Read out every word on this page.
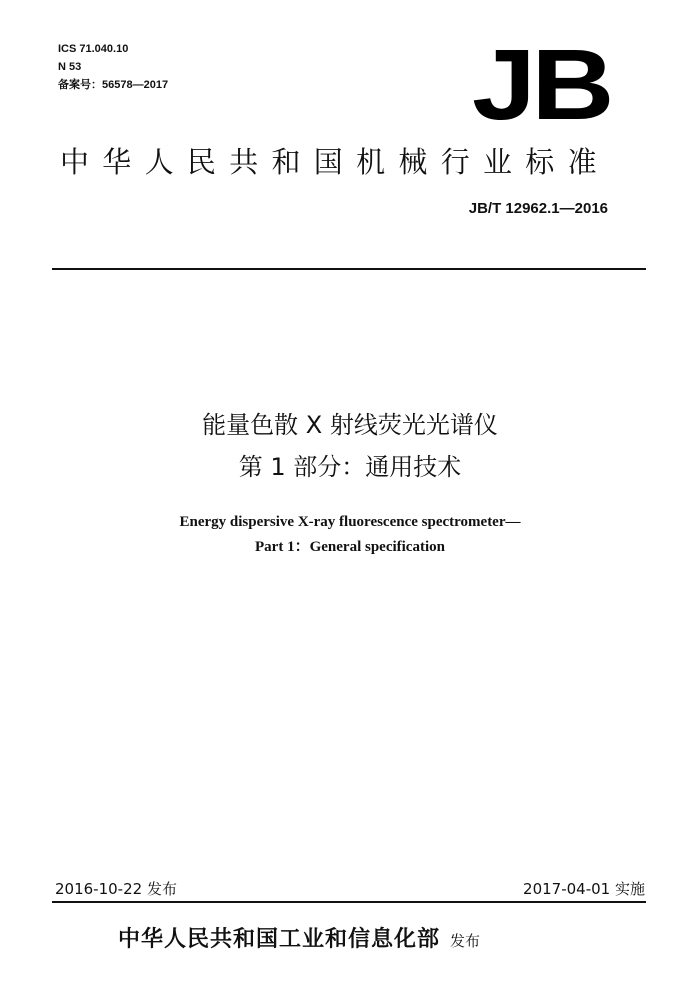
ICS 71.040.10
N 53
备案号：56578—2017	JB
中华人民共和国机械行业标准
JB/T 12962.1—2016
能量色散 X 射线荧光光谱仪
第 1 部分：通用技术
Energy dispersive X-ray fluorescence spectrometer—
Part 1：General specification
2016-10-22 发布	2017-04-01 实施
中华人民共和国工业和信息化部 发布
